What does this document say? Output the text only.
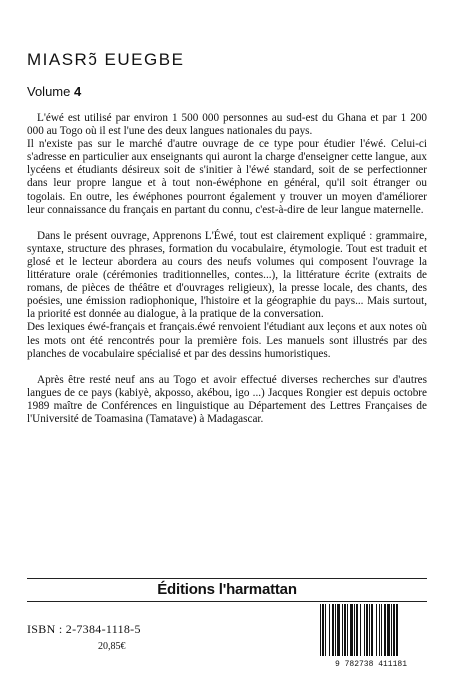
MIASRɔ̃ EUEGBE
Volume 4

L'éwé est utilisé par environ 1 500 000 personnes au sud-est du Ghana et par 1 200 000 au Togo où il est l'une des deux langues nationales du pays.

Il n'existe pas sur le marché d'autre ouvrage de ce type pour étudier l'éwé. Celui-ci s'adresse en particulier aux enseignants qui auront la charge d'enseigner cette langue, aux lycéens et étudiants désireux soit de s'initier à l'éwé standard, soit de se perfectionner dans leur propre langue et à tout non-éwéphone en général, qu'il soit étranger ou togolais. En outre, les éwéphones pourront également y trouver un moyen d'améliorer leur connaissance du français en partant du connu, c'est-à-dire de leur langue maternelle.

Dans le présent ouvrage, Apprenons L'Éwé, tout est clairement expliqué : grammaire, syntaxe, structure des phrases, formation du vocabulaire, étymologie. Tout est traduit et glosé et le lecteur abordera au cours des neufs volumes qui composent l'ouvrage la littérature orale (cérémonies traditionnelles, contes...), la littérature écrite (extraits de romans, de pièces de théâtre et d'ouvrages religieux), la presse locale, des chants, des poésies, une émission radiophonique, l'histoire et la géographie du pays... Mais surtout, la priorité est donnée au dialogue, à la pratique de la conversation.

Des lexiques éwé-français et français.éwé renvoient l'étudiant aux leçons et aux notes où les mots ont été rencontrés pour la première fois. Les manuels sont illustrés par des planches de vocabulaire spécialisé et par des dessins humoristiques.

Après être resté neuf ans au Togo et avoir effectué diverses recherches sur d'autres langues de ce pays (kabiyè, akposso, akébou, igo ...) Jacques Rongier est depuis octobre 1989 maître de Conférences en linguistique au Département des Lettres Françaises de l'Université de Toamasina (Tamatave) à Madagascar.

Éditions l'harmattan
ISBN : 2-7384-1118-5
20,85€
9 782738 411181
